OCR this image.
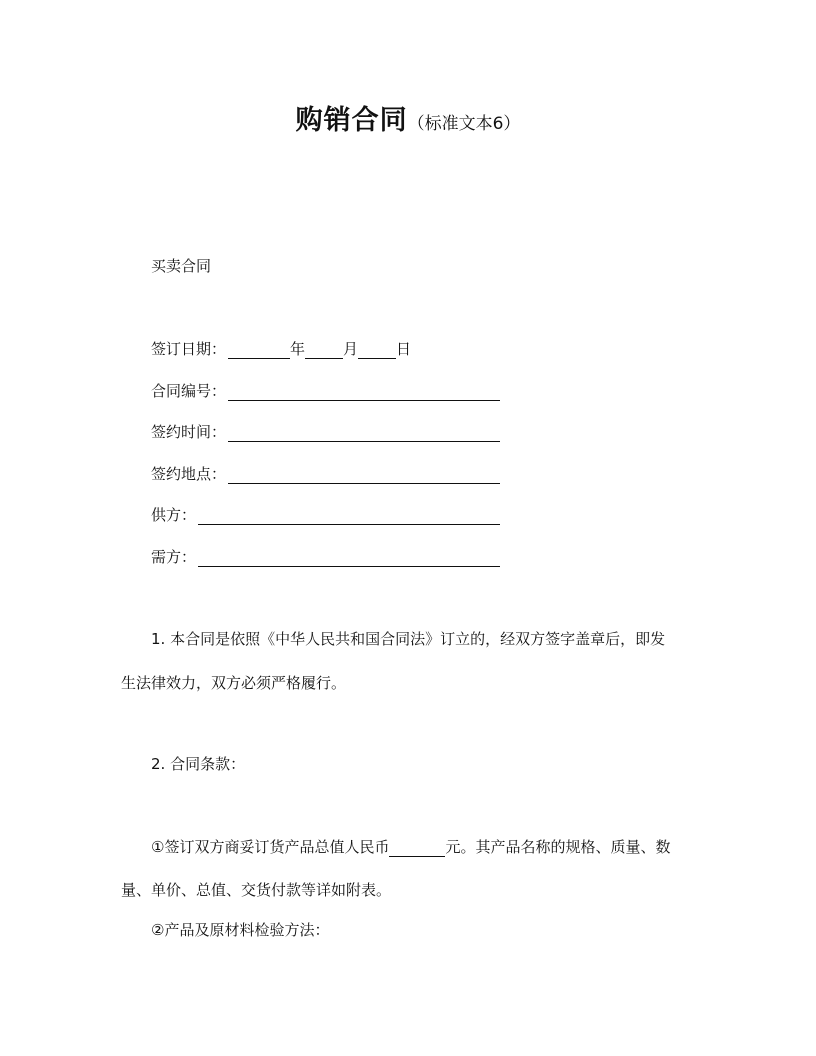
购销合同（标准文本6）
买卖合同
签订日期：	年	月	日
合同编号：
签约时间：
签约地点：
供方：
需方：
1. 本合同是依照《中华人民共和国合同法》订立的，经双方签字盖章后，即发
生法律效力，双方必须严格履行。
2. 合同条款：
①签订双方商妥订货产品总值人民币	元。其产品名称的规格、质量、数
量、单价、总值、交货付款等详如附表。
②产品及原材料检验方法：
